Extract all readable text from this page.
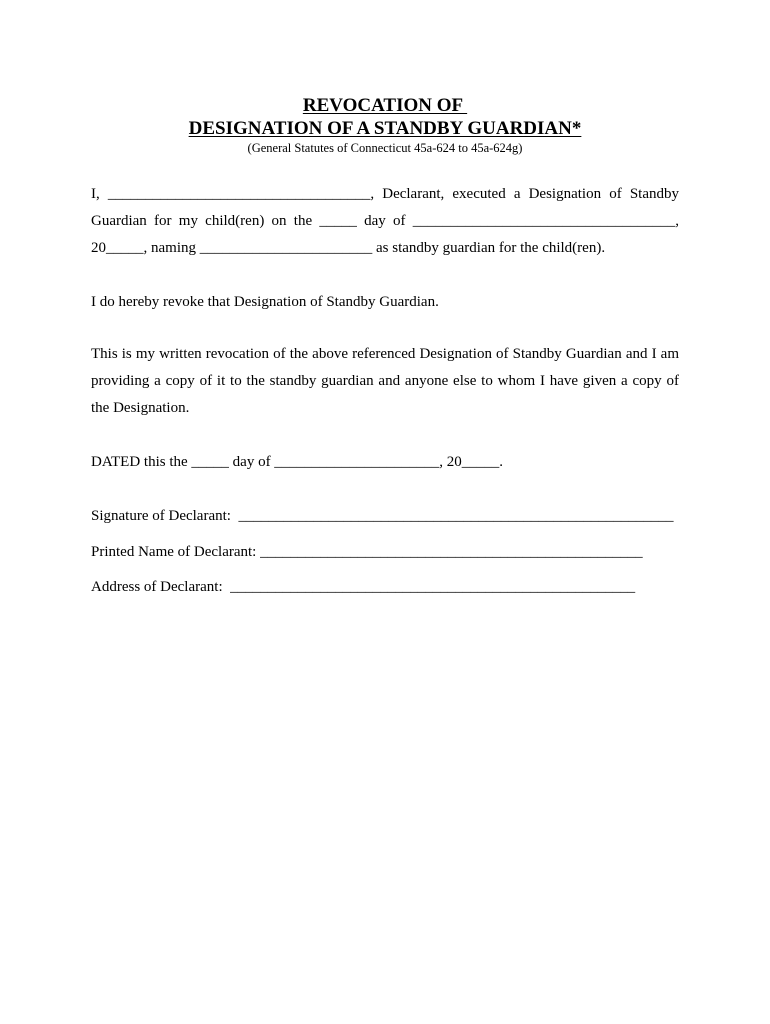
REVOCATION OF
DESIGNATION OF A STANDBY GUARDIAN*
(General Statutes of Connecticut 45a-624 to 45a-624g)
I, ___________________________________, Declarant, executed a Designation of Standby
Guardian for my child(ren) on the _____ day of ___________________________________,
20_____, naming _______________________ as standby guardian for the child(ren).
I do hereby revoke that Designation of Standby Guardian.
This is my written revocation of the above referenced Designation of Standby Guardian and I am
providing a copy of it to the standby guardian and anyone else to whom I have given a copy of
the Designation.
DATED this the _____ day of ______________________, 20_____.
Signature of Declarant:  __________________________________________________________
Printed Name of Declarant: ___________________________________________________
Address of Declarant:  ______________________________________________________
